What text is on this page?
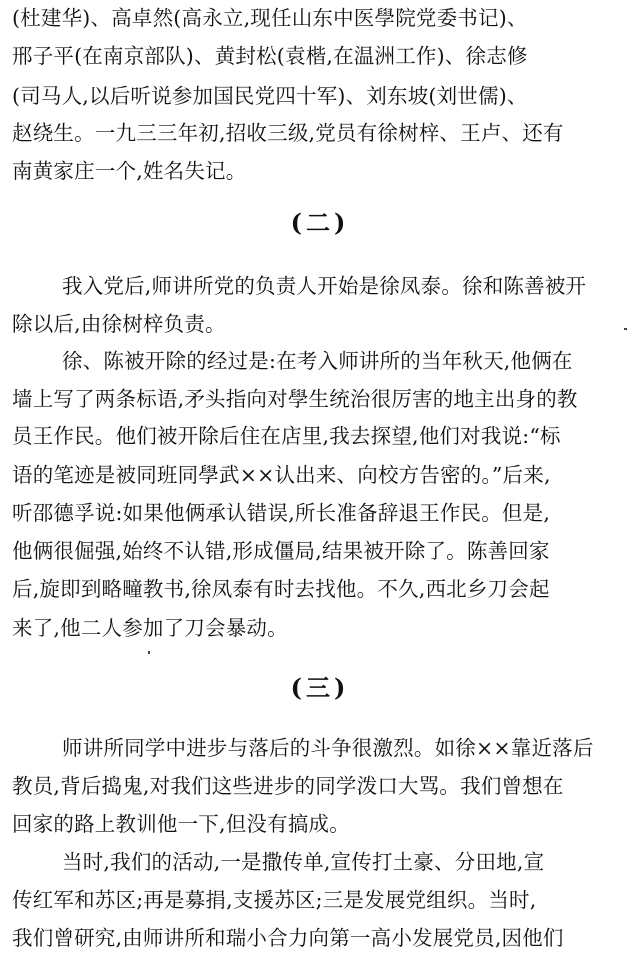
(杜建华)、高卓然(高永立,现任山东中医學院党委书记)、
邢子平(在南京部队)、黄封松(袁楷,在温洲工作)、徐志修
(司马人,以后听说参加国民党四十军)、刘东坡(刘世儒)、
赵绕生。一九三三年初,招收三级,党员有徐树梓、王卢、还有
南黄家庄一个,姓名失记。
(二)
我入党后,师讲所党的负责人开始是徐凤泰。徐和陈善被开
除以后,由徐树梓负责。
徐、陈被开除的经过是:在考入师讲所的当年秋天,他俩在
墙上写了两条标语,矛头指向对學生统治很厉害的地主出身的教
员王作民。他们被开除后住在店里,我去探望,他们对我说:“标
语的笔迹是被同班同學武××认出来、向校方告密的。”后来,
听邵德孚说:如果他俩承认错误,所长准备辞退王作民。但是,
他俩很倔强,始终不认错,形成僵局,结果被开除了。陈善回家
后,旋即到略疃教书,徐凤泰有时去找他。不久,西北乡刀会起
来了,他二人参加了刀会暴动。
(三)
师讲所同学中进步与落后的斗争很激烈。如徐××靠近落后
教员,背后捣鬼,对我们这些进步的同学泼口大骂。我们曾想在
回家的路上教训他一下,但没有搞成。
当时,我们的活动,一是撒传单,宣传打土豪、分田地,宣
传红军和苏区;再是募捐,支援苏区;三是发展党组织。当时,
我们曾研究,由师讲所和瑞小合力向第一高小发展党员,因他们
